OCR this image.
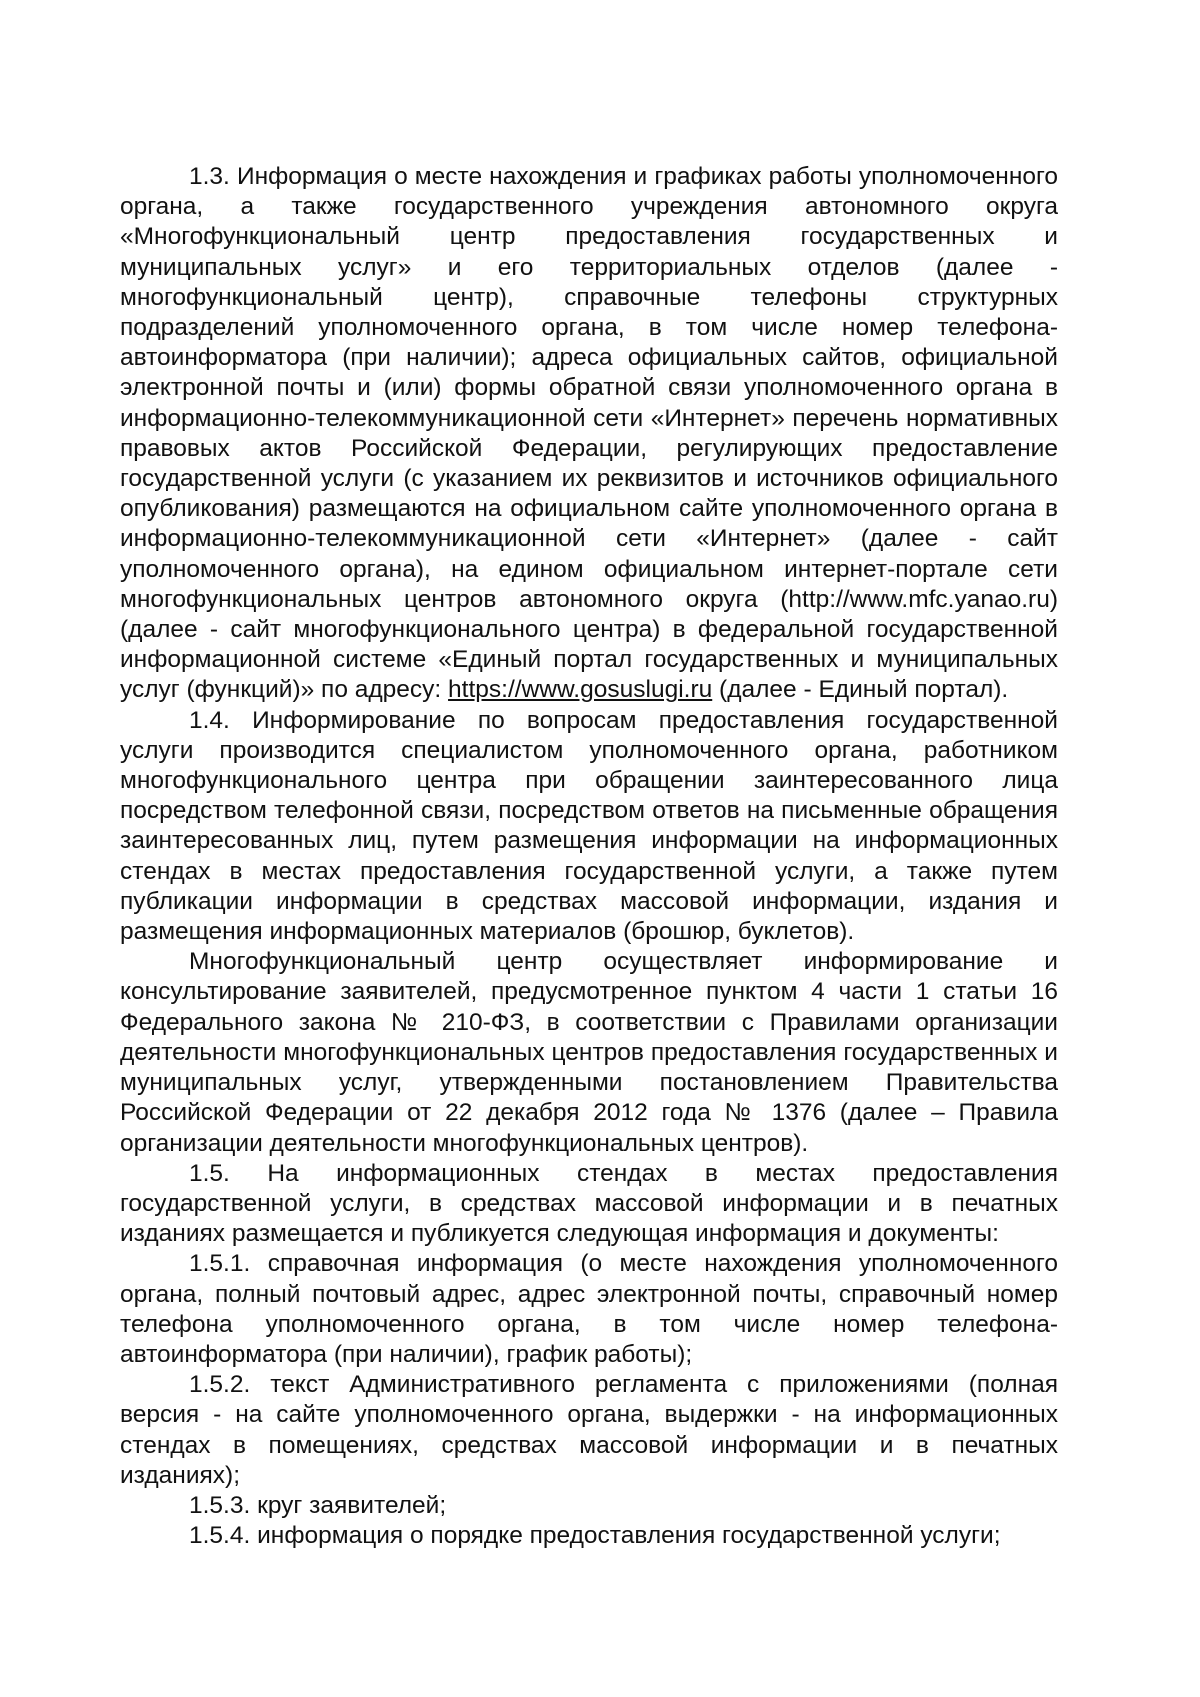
1.3. Информация о месте нахождения и графиках работы уполномоченного органа, а также государственного учреждения автономного округа «Многофункциональный центр предоставления государственных и муниципальных услуг» и его территориальных отделов (далее - многофункциональный центр), справочные телефоны структурных подразделений уполномоченного органа, в том числе номер телефона-автоинформатора (при наличии); адреса официальных сайтов, официальной электронной почты и (или) формы обратной связи уполномоченного органа в информационно-телекоммуникационной сети «Интернет» перечень нормативных правовых актов Российской Федерации, регулирующих предоставление государственной услуги (с указанием их реквизитов и источников официального опубликования) размещаются на официальном сайте уполномоченного органа в информационно-телекоммуникационной сети «Интернет» (далее - сайт уполномоченного органа), на едином официальном интернет-портале сети многофункциональных центров автономного округа (http://www.mfc.yanao.ru) (далее - сайт многофункционального центра) в федеральной государственной информационной системе «Единый портал государственных и муниципальных услуг (функций)» по адресу: https://www.gosuslugi.ru (далее - Единый портал).

1.4. Информирование по вопросам предоставления государственной услуги производится специалистом уполномоченного органа, работником многофункционального центра при обращении заинтересованного лица посредством телефонной связи, посредством ответов на письменные обращения заинтересованных лиц, путем размещения информации на информационных стендах в местах предоставления государственной услуги, а также путем публикации информации в средствах массовой информации, издания и размещения информационных материалов (брошюр, буклетов).

Многофункциональный центр осуществляет информирование и консультирование заявителей, предусмотренное пунктом 4 части 1 статьи 16 Федерального закона № 210-ФЗ, в соответствии с Правилами организации деятельности многофункциональных центров предоставления государственных и муниципальных услуг, утвержденными постановлением Правительства Российской Федерации от 22 декабря 2012 года № 1376 (далее – Правила организации деятельности многофункциональных центров).

1.5. На информационных стендах в местах предоставления государственной услуги, в средствах массовой информации и в печатных изданиях размещается и публикуется следующая информация и документы:

1.5.1. справочная информация (о месте нахождения уполномоченного органа, полный почтовый адрес, адрес электронной почты, справочный номер телефона уполномоченного органа, в том числе номер телефона-автоинформатора (при наличии), график работы);

1.5.2. текст Административного регламента с приложениями (полная версия - на сайте уполномоченного органа, выдержки - на информационных стендах в помещениях, средствах массовой информации и в печатных изданиях);

1.5.3. круг заявителей;

1.5.4. информация о порядке предоставления государственной услуги;
